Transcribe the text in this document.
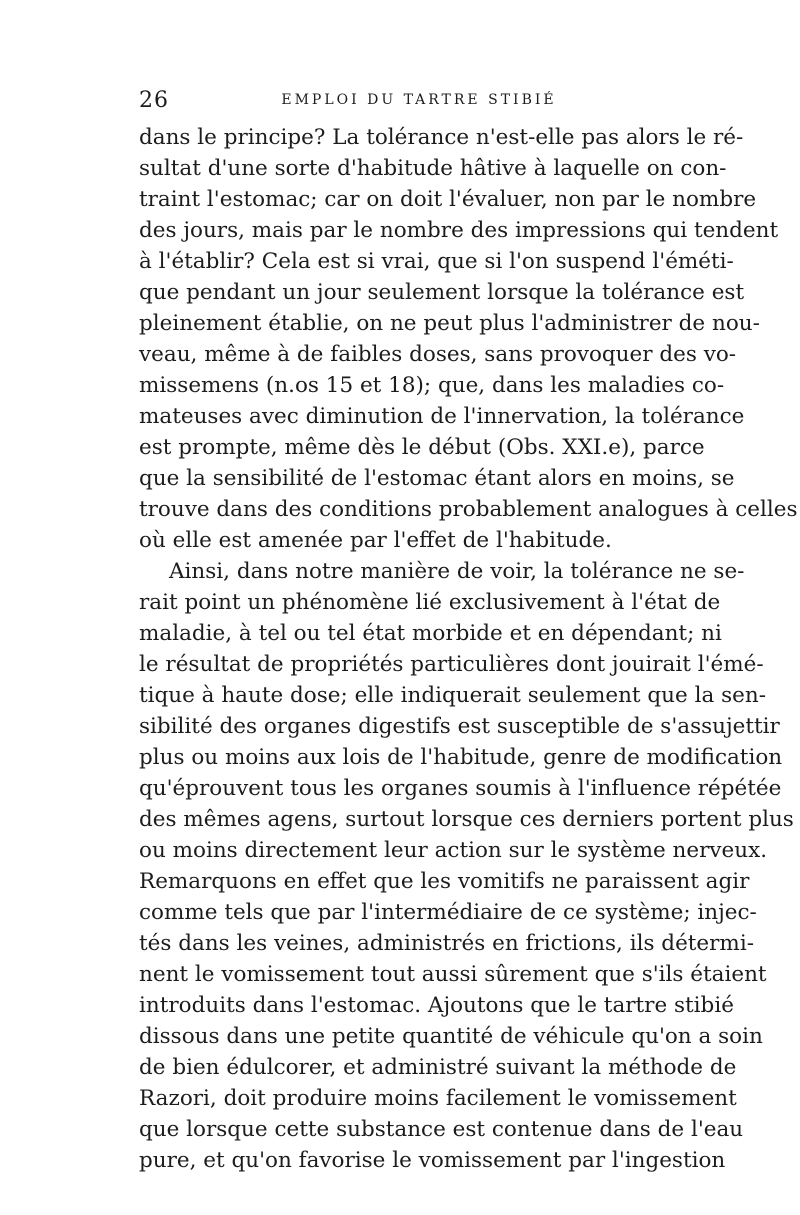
26	EMPLOI DU TARTRE STIBIÉ
dans le principe? La tolérance n'est-elle pas alors le ré-
sultat d'une sorte d'habitude hâtive à laquelle on con-
traint l'estomac; car on doit l'évaluer, non par le nombre
des jours, mais par le nombre des impressions qui tendent
à l'établir? Cela est si vrai, que si l'on suspend l'éméti-
que pendant un jour seulement lorsque la tolérance est
pleinement établie, on ne peut plus l'administrer de nou-
veau, même à de faibles doses, sans provoquer des vo-
missemens (n.os 15 et 18); que, dans les maladies co-
mateuses avec diminution de l'innervation, la tolérance
est prompte, même dès le début (Obs. XXI.e), parce
que la sensibilité de l'estomac étant alors en moins, se
trouve dans des conditions probablement analogues à celles
où elle est amenée par l'effet de l'habitude.
Ainsi, dans notre manière de voir, la tolérance ne se-
rait point un phénomène lié exclusivement à l'état de
maladie, à tel ou tel état morbide et en dépendant; ni
le résultat de propriétés particulières dont jouirait l'émé-
tique à haute dose; elle indiquerait seulement que la sen-
sibilité des organes digestifs est susceptible de s'assujettir
plus ou moins aux lois de l'habitude, genre de modification
qu'éprouvent tous les organes soumis à l'influence répétée
des mêmes agens, surtout lorsque ces derniers portent plus
ou moins directement leur action sur le système nerveux.
Remarquons en effet que les vomitifs ne paraissent agir
comme tels que par l'intermédiaire de ce système; injec-
tés dans les veines, administrés en frictions, ils détermi-
nent le vomissement tout aussi sûrement que s'ils étaient
introduits dans l'estomac. Ajoutons que le tartre stibié
dissous dans une petite quantité de véhicule qu'on a soin
de bien édulcorer, et administré suivant la méthode de
Razori, doit produire moins facilement le vomissement
que lorsque cette substance est contenue dans de l'eau
pure, et qu'on favorise le vomissement par l'ingestion
